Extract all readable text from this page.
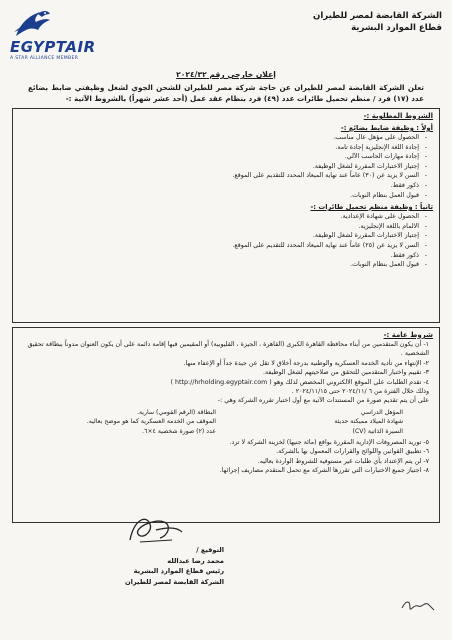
الشركة القابضة لمصر للطيران
قطاع الموارد البشرية
EGYPTAIR
A STAR ALLIANCE MEMBER
إعلان خارجي رقم ٢٠٢٤/٣٢
تعلن الشركة القابضة لمصر للطيران عن حاجة شركة مصر للطيران للشحن الجوي لشغل وظيفتي ضابط بضائع عدد (١٧) فرد / منظم تحميل طائرات عدد (٤٩) فرد بنظام عقد عمل (أحد عشر شهراً) بالشروط الآتية :-
الشروط المطلوبة :-
أولاً : وظيفة ضابط بضائع :-
- الحصول على مؤهل عال مناسب.
- إجادة اللغة الإنجليزية إجادة تامة.
- إجادة مهارات الحاسب الآلي.
- إجتياز الاختبارات المقررة لشغل الوظيفة.
- السن لا يزيد عن (٣٠) عاماً عند نهاية الميعاد المحدد للتقديم على الموقع.
- ذكور فقط.
- قبول العمل بنظام النوبات.
ثانياً : وظيفة منظم تحميل طائرات :-
- الحصول على شهادة الإعدادية.
- الالمام باللغة الإنجليزية.
- إجتياز الاختبارات المقررة لشغل الوظيفة.
- السن لا يزيد عن (٢٥) عاماً عند نهاية الميعاد المحدد للتقديم على الموقع.
- ذكور فقط.
- قبول العمل بنظام النوبات.
شروط عامة :-
١- أن يكون المتقدمين من أبناء محافظة القاهرة الكبرى (القاهرة ، الجيزة ، القليوبية) أو المقيمين فيها إقامة دائمة على أن يكون العنوان مدوناً ببطاقة تحقيق الشخصية .
٢- الإنتهاء من تأدية الخدمة العسكرية والوطنية بدرجة أخلاق لا تقل عن جيدة جداً أو الإعفاء منها.
٣- تقييم واختبار المتقدمين للتحقق من صلاحيتهم لشغل الوظيفة.
٤- تقدم الطلبات على الموقع الالكتروني المخصص لذلك وهو ( http://hrholding.egyptair.com )
وذلك خلال الفترة من ٦ /٢٠٢٤/١١ حتى ٢٠٢٤/١١/١٥ .
على أن يتم تقديم صورة من المستندات الآتية مع أول اختبار تقرره الشركة وهي :-
المؤهل الدراسي
البطاقة (الرقم القومي) سارية.
شهادة الميلاد مميكنة حديثة
الموقف من الخدمة العسكرية كما هو موضح بعاليه.
السيرة الذاتية (CV)
عدد (٢) صورة شخصية ٤×٦.
٥- توريد المصروفات الإدارية المقررة بواقع (مائة جنيها) لخزينة الشركة لا ترد.
٦- تطبيق القوانين واللوائح والقرارات المعمول بها بالشركة.
٧- لن يتم الإعتداد بأي طلبات غير مستوفية للشروط الواردة بعاليه.
٨- اجتياز جميع الاختبارات التي تقررها الشركة مع تحمل المتقدم مصاريف إجرائها.
التوقيع /
محمد رضا عبدالله
رئيس قطاع الموارد البشرية
الشركة القابضة لمصر للطيران
